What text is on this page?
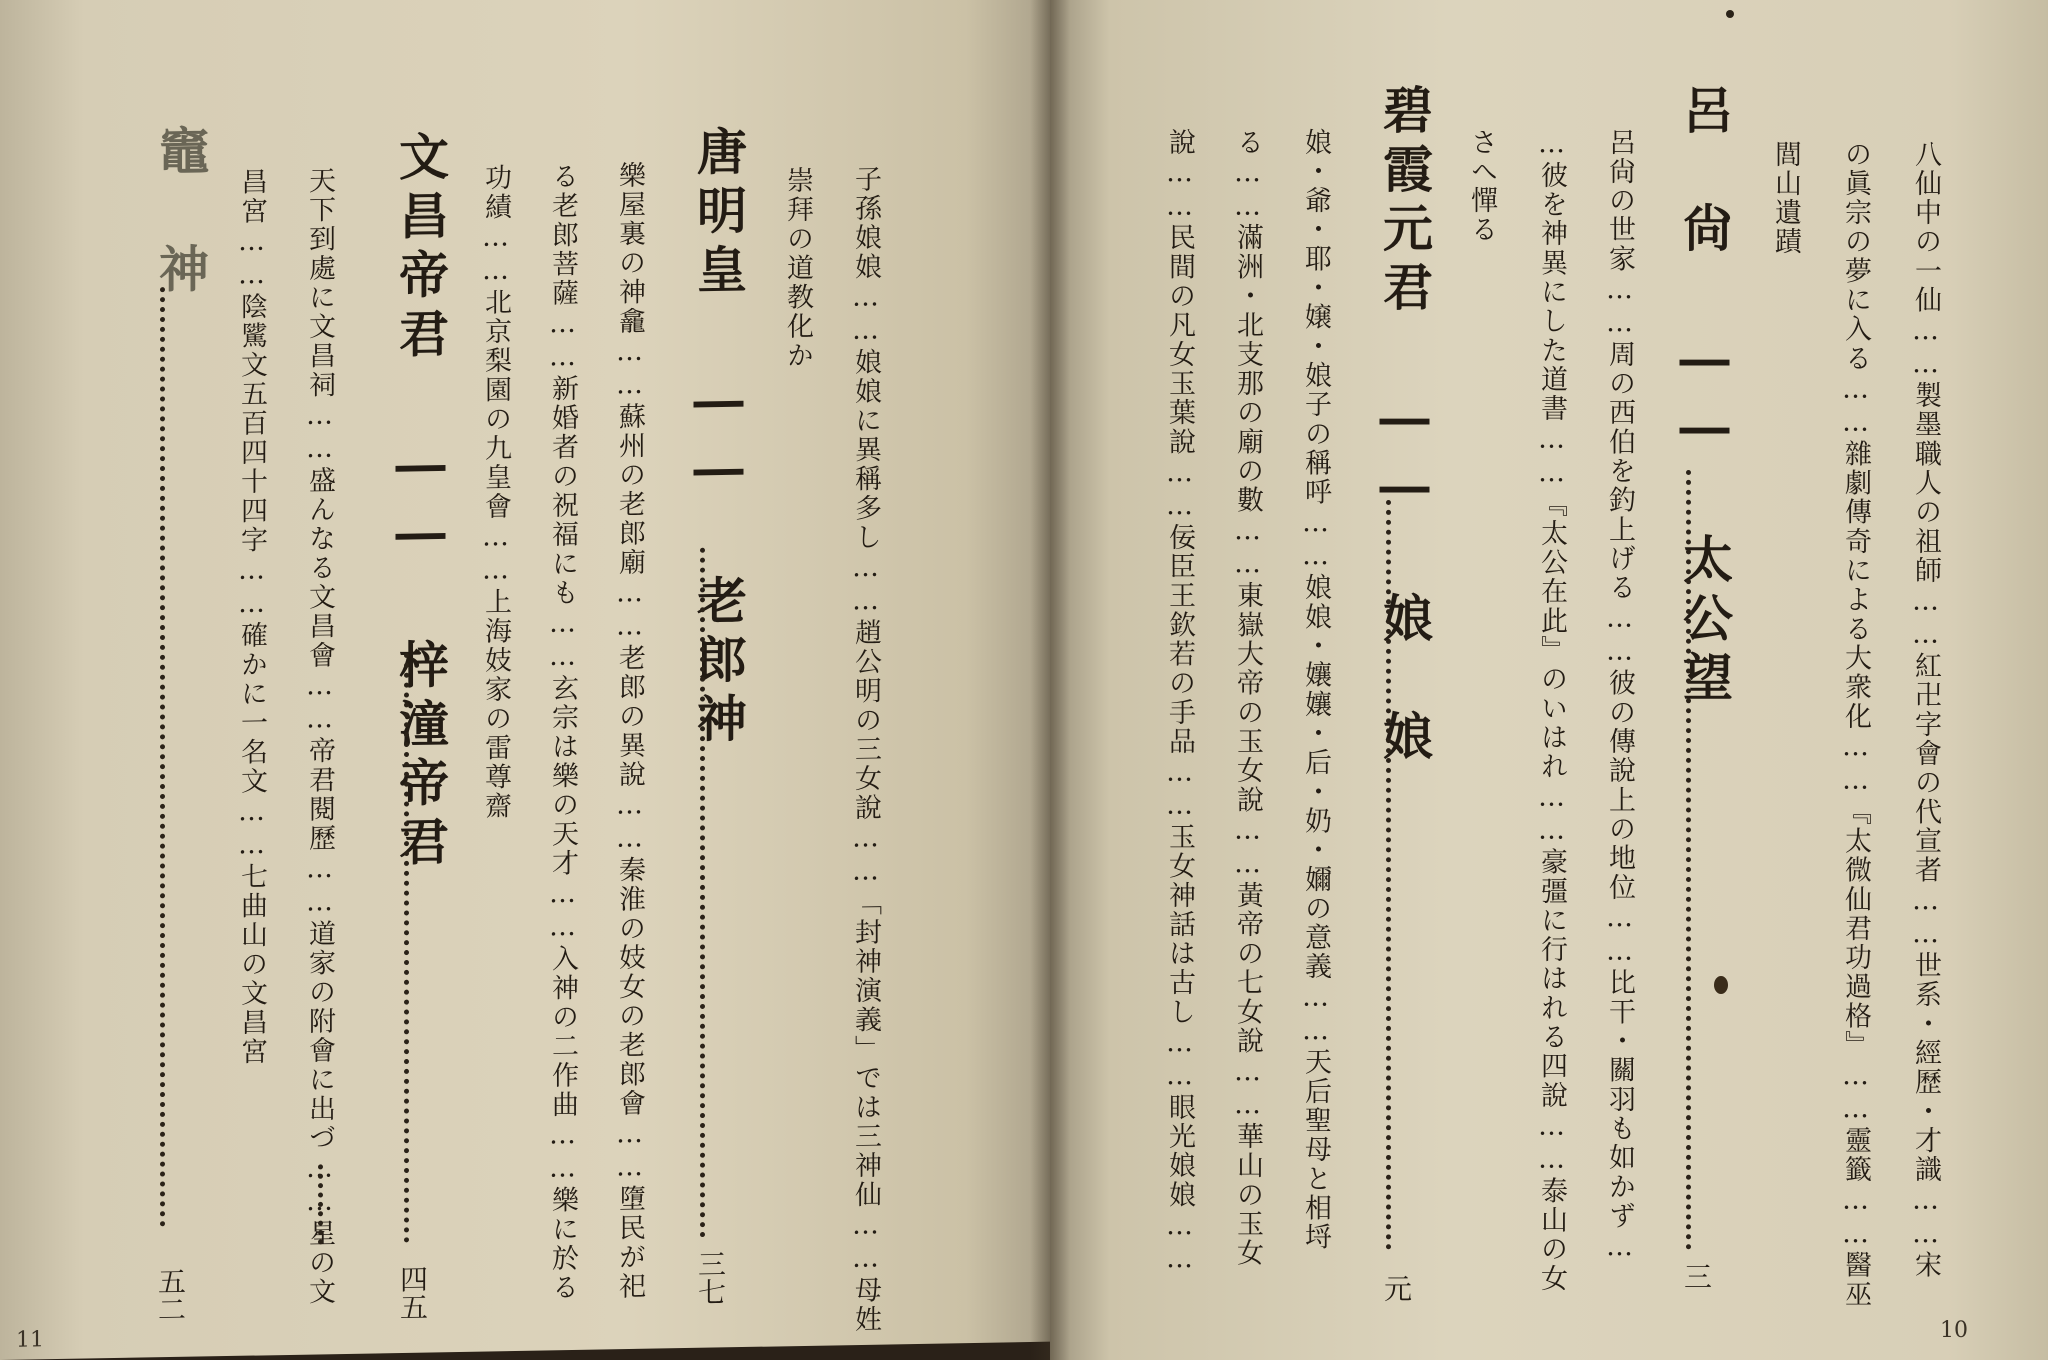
竈　神
五二
昌宮……陰騭文五百四十四字……確かに一名文……七曲山の文昌宮 天下到處に文昌祠……盛んなる文昌會……帝君閱歷……道家の附會に出づ……星の文 文昌帝君 ―― 梓潼帝君
四五
功績……北京梨園の九皇會……上海妓家の雷尊齋 る老郎菩薩……新婚者の祝福にも……玄宗は樂の天才……入神の二作曲……樂に於る 樂屋裏の神龕……蘇州の老郎廟……老郎の異說……秦淮の妓女の老郎會……墮民が祀 唐明皇 ―― 老郎神
三七
崇拜の道教化か 子孫娘娘……娘娘に異稱多し……趙公明の三女說……「封神演義」では三神仙……母姓
11
說……民間の凡女玉葉說……佞臣王欽若の手品……玉女神話は古し……眼光娘娘…… る……滿洲・北支那の廟の數……東嶽大帝の玉女說……黃帝の七女說……華山の玉女 娘・爺・耶・嬢・娘子の稱呼……娘娘・孃孃・后・奶・嬭の意義……天后聖母と相埒 碧霞元君 ―― 娘　娘
元
さへ憚る …彼を神異にした道書……『太公在此』のいはれ……豪彊に行はれる四說……泰山の女 呂尙の世家……周の西伯を釣上げる……彼の傳說上の地位……比干・關羽も如かず… 呂　尙 ―― 太公望
三
閭山遺蹟 の眞宗の夢に入る……雜劇傳奇による大衆化……『太微仙君功過格』……靈籤……醫巫 八仙中の一仙……製墨職人の祖師……紅卍字會の代宣者……世系・經歷・才識……宋
10
